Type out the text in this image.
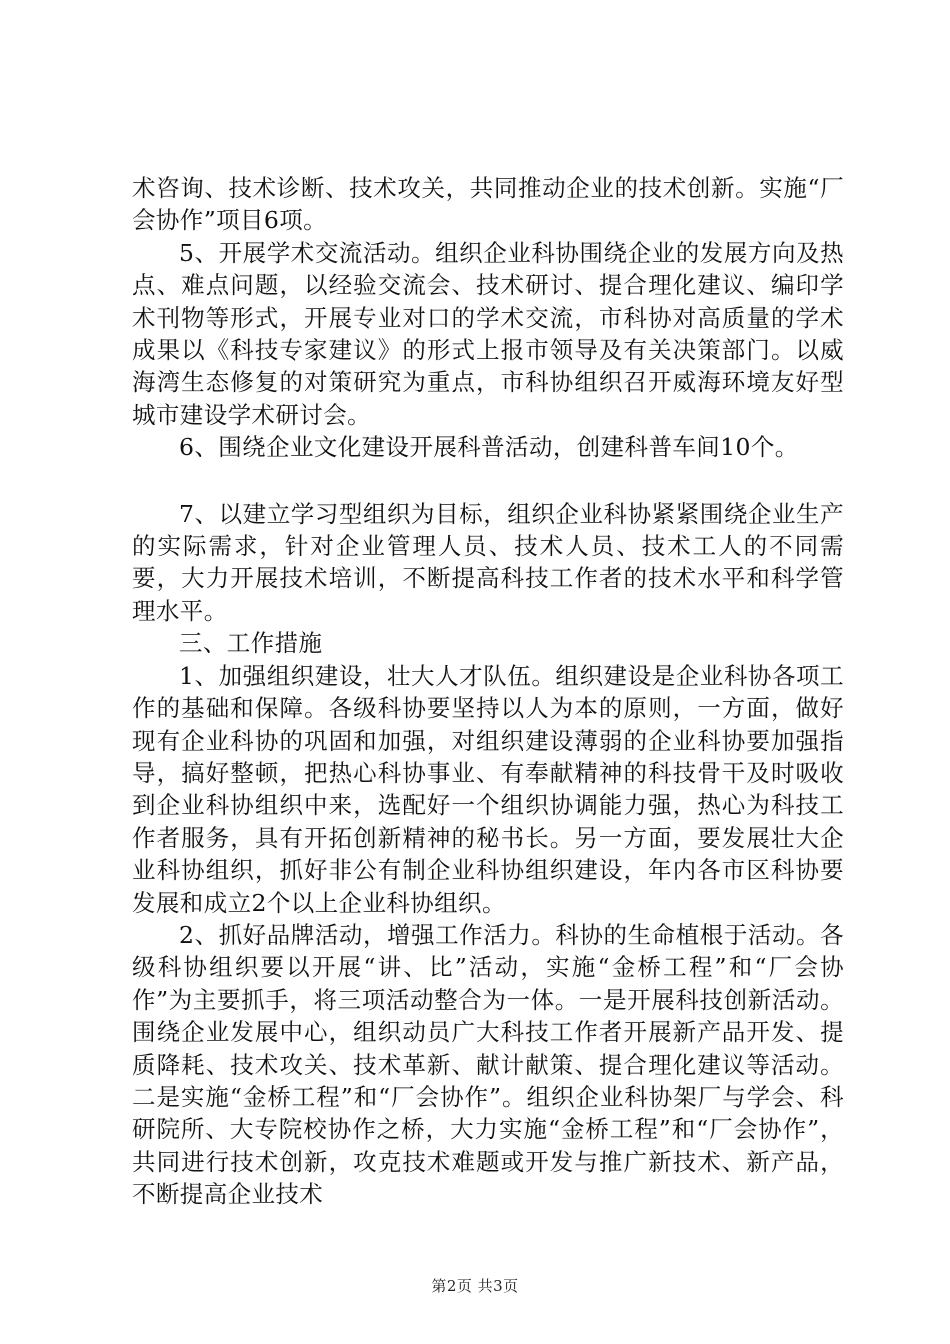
术咨询、技术诊断、技术攻关，共同推动企业的技术创新。实施“厂会协作”项目6项。

5、开展学术交流活动。组织企业科协围绕企业的发展方向及热点、难点问题，以经验交流会、技术研讨、提合理化建议、编印学术刊物等形式，开展专业对口的学术交流，市科协对高质量的学术成果以《科技专家建议》的形式上报市领导及有关决策部门。以威海湾生态修复的对策研究为重点，市科协组织召开威海环境友好型城市建设学术研讨会。

6、围绕企业文化建设开展科普活动，创建科普车间10个。

7、以建立学习型组织为目标，组织企业科协紧紧围绕企业生产的实际需求，针对企业管理人员、技术人员、技术工人的不同需要，大力开展技术培训，不断提高科技工作者的技术水平和科学管理水平。

三、工作措施

1、加强组织建设，壮大人才队伍。组织建设是企业科协各项工作的基础和保障。各级科协要坚持以人为本的原则，一方面，做好现有企业科协的巩固和加强，对组织建设薄弱的企业科协要加强指导，搞好整顿，把热心科协事业、有奉献精神的科技骨干及时吸收到企业科协组织中来，选配好一个组织协调能力强，热心为科技工作者服务，具有开拓创新精神的秘书长。另一方面，要发展壮大企业科协组织，抓好非公有制企业科协组织建设，年内各市区科协要发展和成立2个以上企业科协组织。

2、抓好品牌活动，增强工作活力。科协的生命植根于活动。各级科协组织要以开展“讲、比”活动，实施“金桥工程”和“厂会协作”为主要抓手，将三项活动整合为一体。一是开展科技创新活动。围绕企业发展中心，组织动员广大科技工作者开展新产品开发、提质降耗、技术攻关、技术革新、献计献策、提合理化建议等活动。二是实施“金桥工程”和“厂会协作”。组织企业科协架厂与学会、科研院所、大专院校协作之桥，大力实施“金桥工程”和“厂会协作”，共同进行技术创新，攻克技术难题或开发与推广新技术、新产品，不断提高企业技术

第2页 共3页
